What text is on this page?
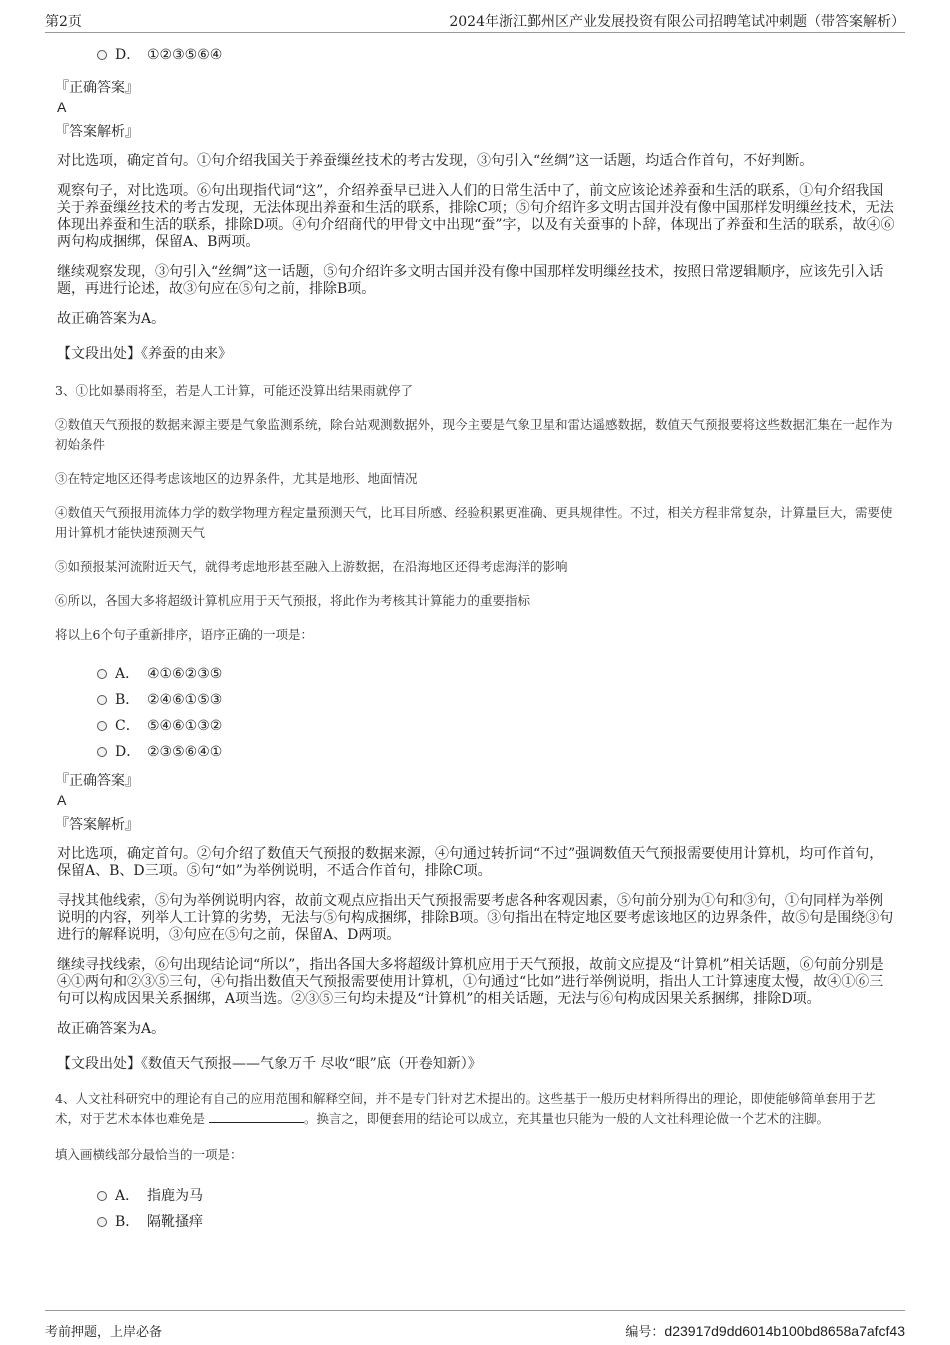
第2页	2024年浙江鄞州区产业发展投资有限公司招聘笔试冲刺题（带答案解析）
D． ①②③⑤⑥④
『正确答案』
A
『答案解析』
对比选项，确定首句。①句介绍我国关于养蚕缫丝技术的考古发现，③句引入“丝绸”这一话题，均适合作首句，不好判断。
观察句子，对比选项。⑥句出现指代词“这”，介绍养蚕早已进入人们的日常生活中了，前文应该论述养蚕和生活的联系，①句介绍我国关于养蚕缫丝技术的考古发现，无法体现出养蚕和生活的联系，排除C项；⑤句介绍许多文明古国并没有像中国那样发明缫丝技术，无法体现出养蚕和生活的联系，排除D项。④句介绍商代的甲骨文中出现“蚕”字，以及有关蚕事的卜辞，体现出了养蚕和生活的联系，故④⑥两句构成捆绑，保留A、B两项。
继续观察发现，③句引入“丝绸”这一话题，⑤句介绍许多文明古国并没有像中国那样发明缫丝技术，按照日常逻辑顺序，应该先引入话题，再进行论述，故③句应在⑤句之前，排除B项。
故正确答案为A。
【文段出处】《养蚕的由来》
3、①比如暴雨将至，若是人工计算，可能还没算出结果雨就停了
②数值天气预报的数据来源主要是气象监测系统，除台站观测数据外，现今主要是气象卫星和雷达遥感数据，数值天气预报要将这些数据汇集在一起作为初始条件
③在特定地区还得考虑该地区的边界条件，尤其是地形、地面情况
④数值天气预报用流体力学的数学物理方程定量预测天气，比耳目所感、经验积累更准确、更具规律性。不过，相关方程非常复杂，计算量巨大，需要使用计算机才能快速预测天气
⑤如预报某河流附近天气，就得考虑地形甚至融入上游数据，在沿海地区还得考虑海洋的影响
⑥所以，各国大多将超级计算机应用于天气预报，将此作为考核其计算能力的重要指标
将以上6个句子重新排序，语序正确的一项是：
A． ④①⑥②③⑤
B． ②④⑥①⑤③
C． ⑤④⑥①③②
D． ②③⑤⑥④①
『正确答案』
A
『答案解析』
对比选项，确定首句。②句介绍了数值天气预报的数据来源，④句通过转折词“不过”强调数值天气预报需要使用计算机，均可作首句，保留A、B、D三项。⑤句“如”为举例说明，不适合作首句，排除C项。
寻找其他线索，⑤句为举例说明内容，故前文观点应指出天气预报需要考虑各种客观因素，⑤句前分别为①句和③句，①句同样为举例说明的内容，列举人工计算的劣势，无法与⑤句构成捆绑，排除B项。③句指出在特定地区要考虑该地区的边界条件，故⑤句是围绕③句进行的解释说明，③句应在⑤句之前，保留A、D两项。
继续寻找线索，⑥句出现结论词“所以”，指出各国大多将超级计算机应用于天气预报，故前文应提及“计算机”相关话题，⑥句前分别是④①两句和②③⑤三句，④句指出数值天气预报需要使用计算机，①句通过“比如”进行举例说明，指出人工计算速度太慢，故④①⑥三句可以构成因果关系捆绑，A项当选。②③⑤三句均未提及“计算机”的相关话题，无法与⑥句构成因果关系捆绑，排除D项。
故正确答案为A。
【文段出处】《数值天气预报——气象万千 尽收“眼”底（开卷知新）》
4、人文社科研究中的理论有自己的应用范围和解释空间，并不是专门针对艺术提出的。这些基于一般历史材料所得出的理论，即使能够简单套用于艺术，对于艺术本体也难免是	。换言之，即便套用的结论可以成立，充其量也只能为一般的人文社科理论做一个艺术的注脚。
填入画横线部分最恰当的一项是：
A． 指鹿为马
B． 隔靴搔痒
考前押题，上岸必备	编号：d23917d9dd6014b100bd8658a7afcf43
